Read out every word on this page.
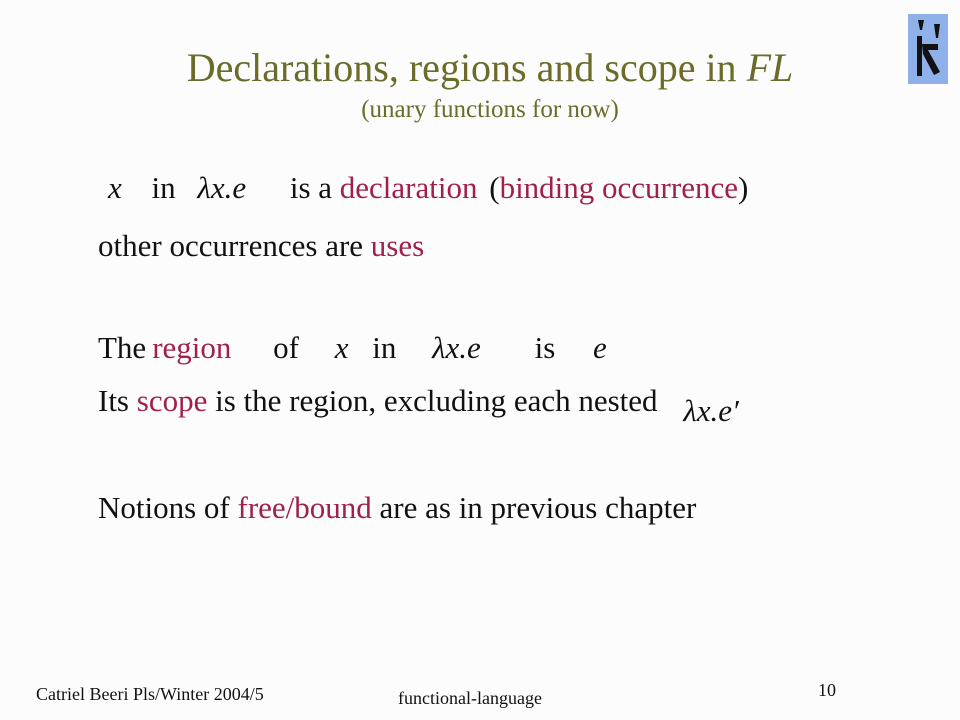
Declarations, regions and scope in FL
(unary functions for now)
x in λx.e is a declaration (binding occurrence)
other occurrences are uses
The region of x in λx.e is e
Its scope is the region, excluding each nested λx.e′
Notions of free/bound are as in previous chapter
Catriel Beeri Pls/Winter 2004/5	functional-language	10
